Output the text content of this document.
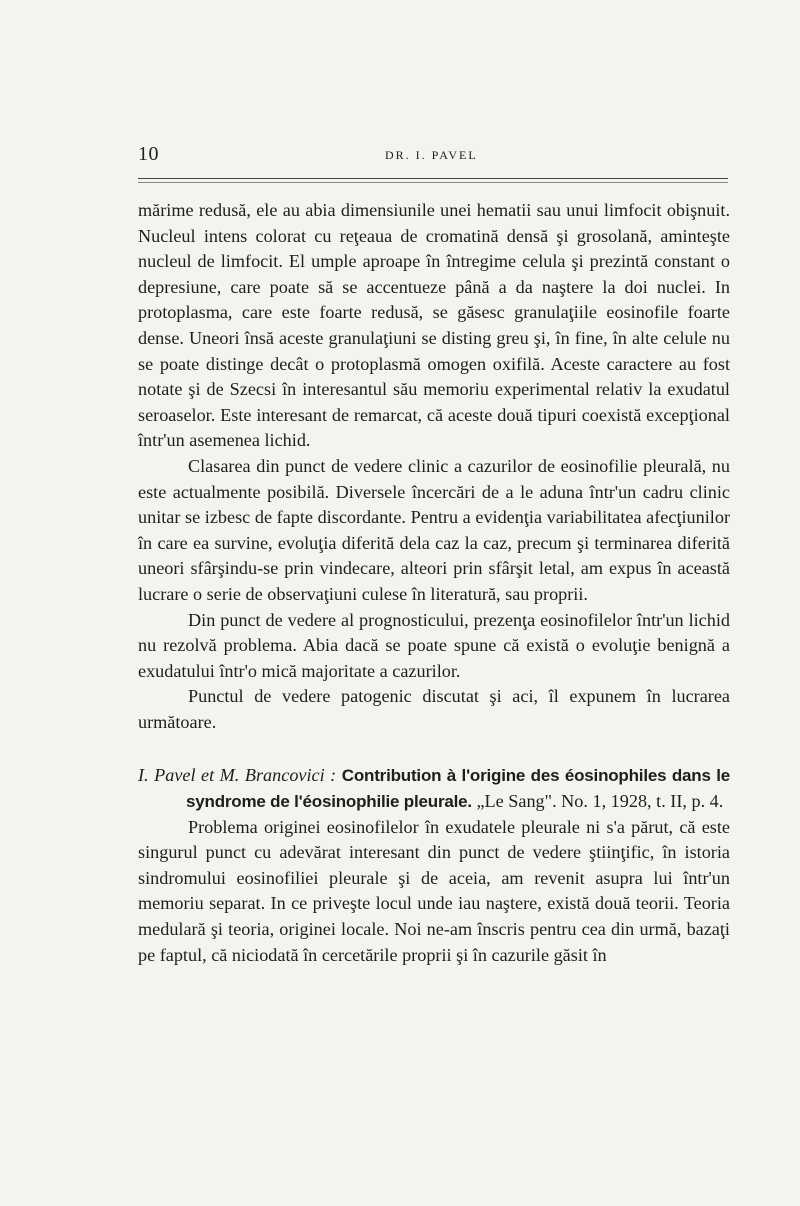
10	DR. I. PAVEL

mărime redusă, ele au abia dimensiunile unei hematii sau unui limfocit obişnuit. Nucleul intens colorat cu reţeaua de cromatină densă şi grosolană, aminteşte nucleul de limfocit. El umple aproape în întregime celula şi prezintă constant o depresiune, care poate să se accentueze până a da naştere la doi nuclei. In protoplasma, care este foarte redusă, se găsesc granulaţiile eosinofile foarte dense. Uneori însă aceste granulaţiuni se disting greu şi, în fine, în alte celule nu se poate distinge decât o protoplasmă omogen oxifilă. Aceste caractere au fost notate şi de Szecsi în interesantul său memoriu experimental relativ la exudatul seroaselor. Este interesant de remarcat, că aceste două tipuri coexistă excepţional într'un asemenea lichid.

Clasarea din punct de vedere clinic a cazurilor de eosinofilie pleurală, nu este actualmente posibilă. Diversele încercări de a le aduna într'un cadru clinic unitar se izbesc de fapte discordante. Pentru a evidenţia variabilitatea afecţiunilor în care ea survine, evoluţia diferită dela caz la caz, precum şi terminarea diferită uneori sfârşindu-se prin vindecare, alteori prin sfârşit letal, am expus în această lucrare o serie de observaţiuni culese în literatură, sau proprii.

Din punct de vedere al prognosticului, prezenţa eosinofilelor într'un lichid nu rezolvă problema. Abia dacă se poate spune că există o evoluţie benignă a exudatului într'o mică majoritate a cazurilor.

Punctul de vedere patogenic discutat şi aci, îl expunem în lucrarea următoare.

I. Pavel et M. Brancovici : Contribution à l'origine des éosinophiles dans le syndrome de l'éosinophilie pleurale. „Le Sang". No. 1, 1928, t. II, p. 4.

Problema originei eosinofilelor în exudatele pleurale ni s'a părut, că este singurul punct cu adevărat interesant din punct de vedere ştiinţific, în istoria sindromului eosinofiliei pleurale şi de aceia, am revenit asupra lui într'un memoriu separat. In ce priveşte locul unde iau naştere, există două teorii. Teoria medulară şi teoria, originei locale. Noi ne-am înscris pentru cea din urmă, bazaţi pe faptul, că niciodată în cercetările proprii şi în cazurile găsit în
